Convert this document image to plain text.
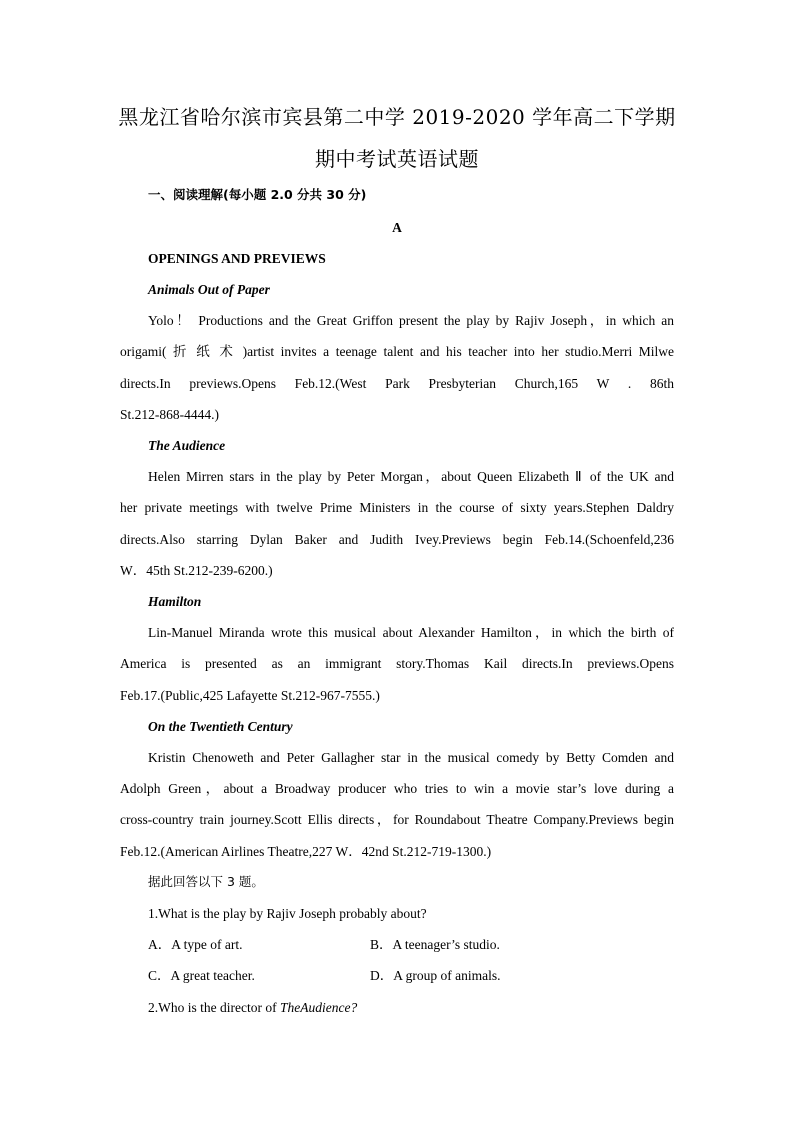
黑龙江省哈尔滨市宾县第二中学 2019-2020 学年高二下学期
期中考试英语试题
一、阅读理解(每小题 2.0 分共 30 分)
A
OPENINGS AND PREVIEWS
Animals Out of Paper
Yolo！ Productions and the Great Griffon present the play by Rajiv Joseph，in which an
origami( 折 纸 术 )artist invites a teenage talent and his teacher into her studio.Merri Milwe
directs.In previews.Opens Feb.12.(West Park Presbyterian Church,165 W . 86th
St.212-868-4444.)
The Audience
Helen Mirren stars in the play by Peter Morgan，about Queen Elizabeth Ⅱ of the UK and
her private meetings with twelve Prime Ministers in the course of sixty years.Stephen Daldry
directs.Also starring Dylan Baker and Judith Ivey.Previews begin Feb.14.(Schoenfeld,236
W．45th St.212-239-6200.)
Hamilton
Lin-Manuel Miranda wrote this musical about Alexander Hamilton，in which the birth of
America is presented as an immigrant story.Thomas Kail directs.In previews.Opens
Feb.17.(Public,425 Lafayette St.212-967-7555.)
On the Twentieth Century
Kristin Chenoweth and Peter Gallagher star in the musical comedy by Betty Comden and
Adolph Green，about a Broadway producer who tries to win a movie star’s love during a
cross-country train journey.Scott Ellis directs，for Roundabout Theatre Company.Previews begin
Feb.12.(American Airlines Theatre,227 W．42nd St.212-719-1300.)
据此回答以下 3 题。
1.What is the play by Rajiv Joseph probably about?
A．A type of art.	B．A teenager’s studio.
C．A great teacher.	D．A group of animals.
2.Who is the director of TheAudience?
